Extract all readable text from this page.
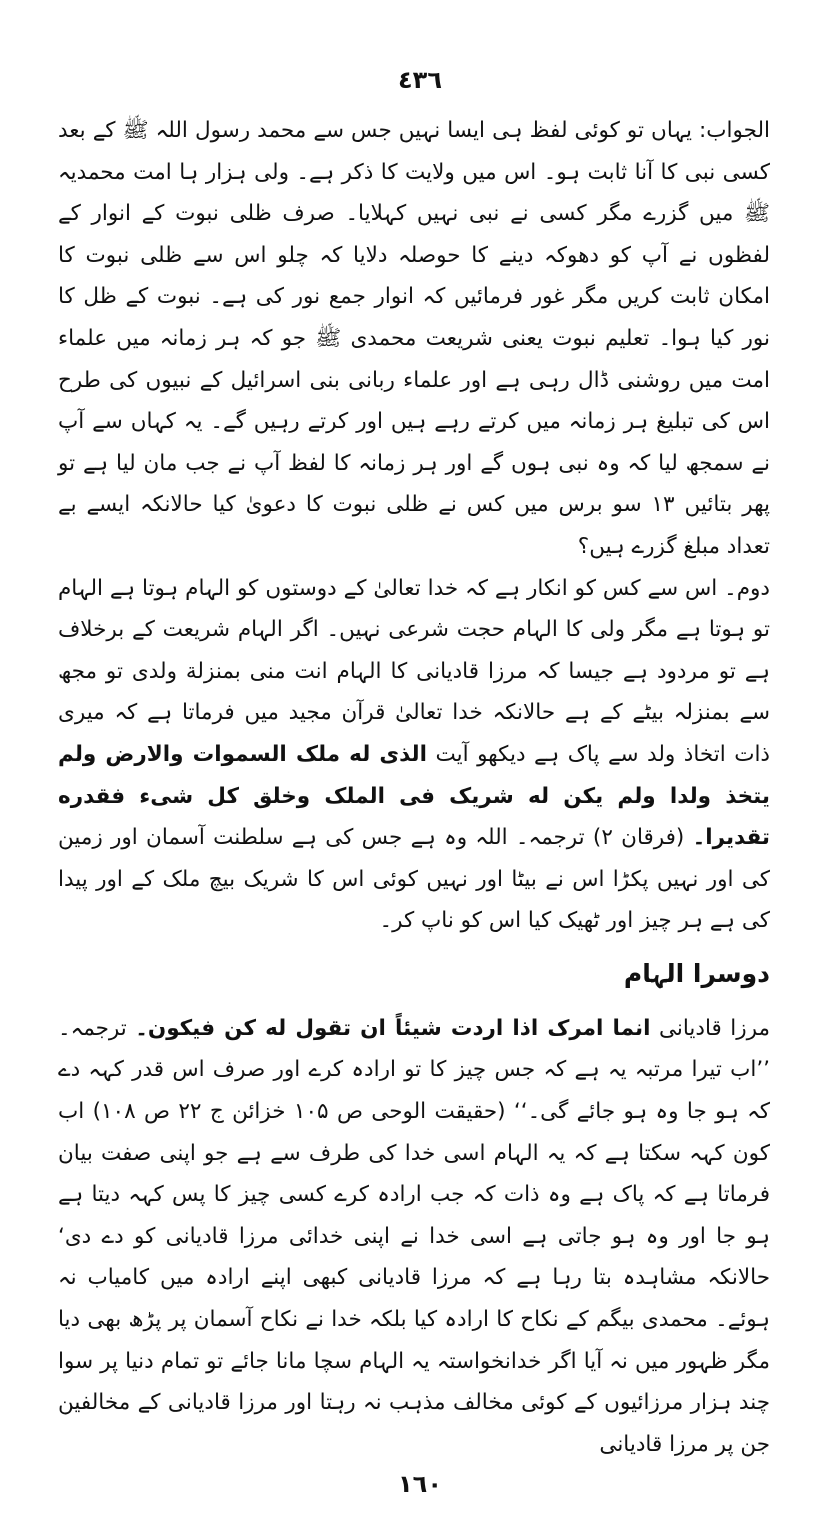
٤٣٦

الجواب: یہاں تو کوئی لفظ ہی ایسا نہیں جس سے محمد رسول اللہ ﷺ کے بعد کسی نبی کا آنا ثابت ہو۔ اس میں ولایت کا ذکر ہے۔ ولی ہزار ہا امت محمدیہ ﷺ میں گزرے مگر کسی نے نبی نہیں کہلایا۔ صرف ظلی نبوت کے انوار کے لفظوں نے آپ کو دھوکہ دینے کا حوصلہ دلایا کہ چلو اس سے ظلی نبوت کا امکان ثابت کریں مگر غور فرمائیں کہ انوار جمع نور کی ہے۔ نبوت کے ظل کا نور کیا ہوا۔ تعلیم نبوت یعنی شریعت محمدی ﷺ جو کہ ہر زمانہ میں علماء امت میں روشنی ڈال رہی ہے اور علماء ربانی بنی اسرائیل کے نبیوں کی طرح اس کی تبلیغ ہر زمانہ میں کرتے رہے ہیں اور کرتے رہیں گے۔ یہ کہاں سے آپ نے سمجھ لیا کہ وہ نبی ہوں گے اور ہر زمانہ کا لفظ آپ نے جب مان لیا ہے تو پھر بتائیں ۱۳ سو برس میں کس نے ظلی نبوت کا دعویٰ کیا حالانکہ ایسے بے تعداد مبلغ گزرے ہیں؟

دوم۔ اس سے کس کو انکار ہے کہ خدا تعالیٰ کے دوستوں کو الہام ہوتا ہے الہام تو ہوتا ہے مگر ولی کا الہام حجت شرعی نہیں۔ اگر الہام شریعت کے برخلاف ہے تو مردود ہے جیسا کہ مرزا قادیانی کا الہام انت منی بمنزلة ولدی تو مجھ سے بمنزلہ بیٹے کے ہے حالانکہ خدا تعالیٰ قرآن مجید میں فرماتا ہے کہ میری ذات اتخاذ ولد سے پاک ہے دیکھو آیت الذی له ملک السموات والارض ولم یتخذ ولدا ولم یکن له شریک فی الملک وخلق کل شیء فقدره تقدیرا۔ (فرقان ۲) ترجمہ۔ اللہ وہ ہے جس کی ہے سلطنت آسمان اور زمین کی اور نہیں پکڑا اس نے بیٹا اور نہیں کوئی اس کا شریک بیچ ملک کے اور پیدا کی ہے ہر چیز اور ٹھیک کیا اس کو ناپ کر۔

دوسرا الہام

مرزا قادیانی انما امرک اذا اردت شیئاً ان تقول له کن فیکون۔ ترجمہ۔ ’’اب تیرا مرتبہ یہ ہے کہ جس چیز کا تو ارادہ کرے اور صرف اس قدر کہہ دے کہ ہو جا وہ ہو جائے گی۔‘‘ (حقیقت الوحی ص ۱۰۵ خزائن ج ۲۲ ص ۱۰۸) اب کون کہہ سکتا ہے کہ یہ الہام اسی خدا کی طرف سے ہے جو اپنی صفت بیان فرماتا ہے کہ پاک ہے وہ ذات کہ جب ارادہ کرے کسی چیز کا پس کہہ دیتا ہے ہو جا اور وہ ہو جاتی ہے اسی خدا نے اپنی خدائی مرزا قادیانی کو دے دی‘ حالانکہ مشاہدہ بتا رہا ہے کہ مرزا قادیانی کبھی اپنے ارادہ میں کامیاب نہ ہوئے۔ محمدی بیگم کے نکاح کا ارادہ کیا بلکہ خدا نے نکاح آسمان پر پڑھ بھی دیا مگر ظہور میں نہ آیا اگر خدانخواستہ یہ الہام سچا مانا جائے تو تمام دنیا پر سوا چند ہزار مرزائیوں کے کوئی مخالف مذہب نہ رہتا اور مرزا قادیانی کے مخالفین جن پر مرزا قادیانی

١٦٠
